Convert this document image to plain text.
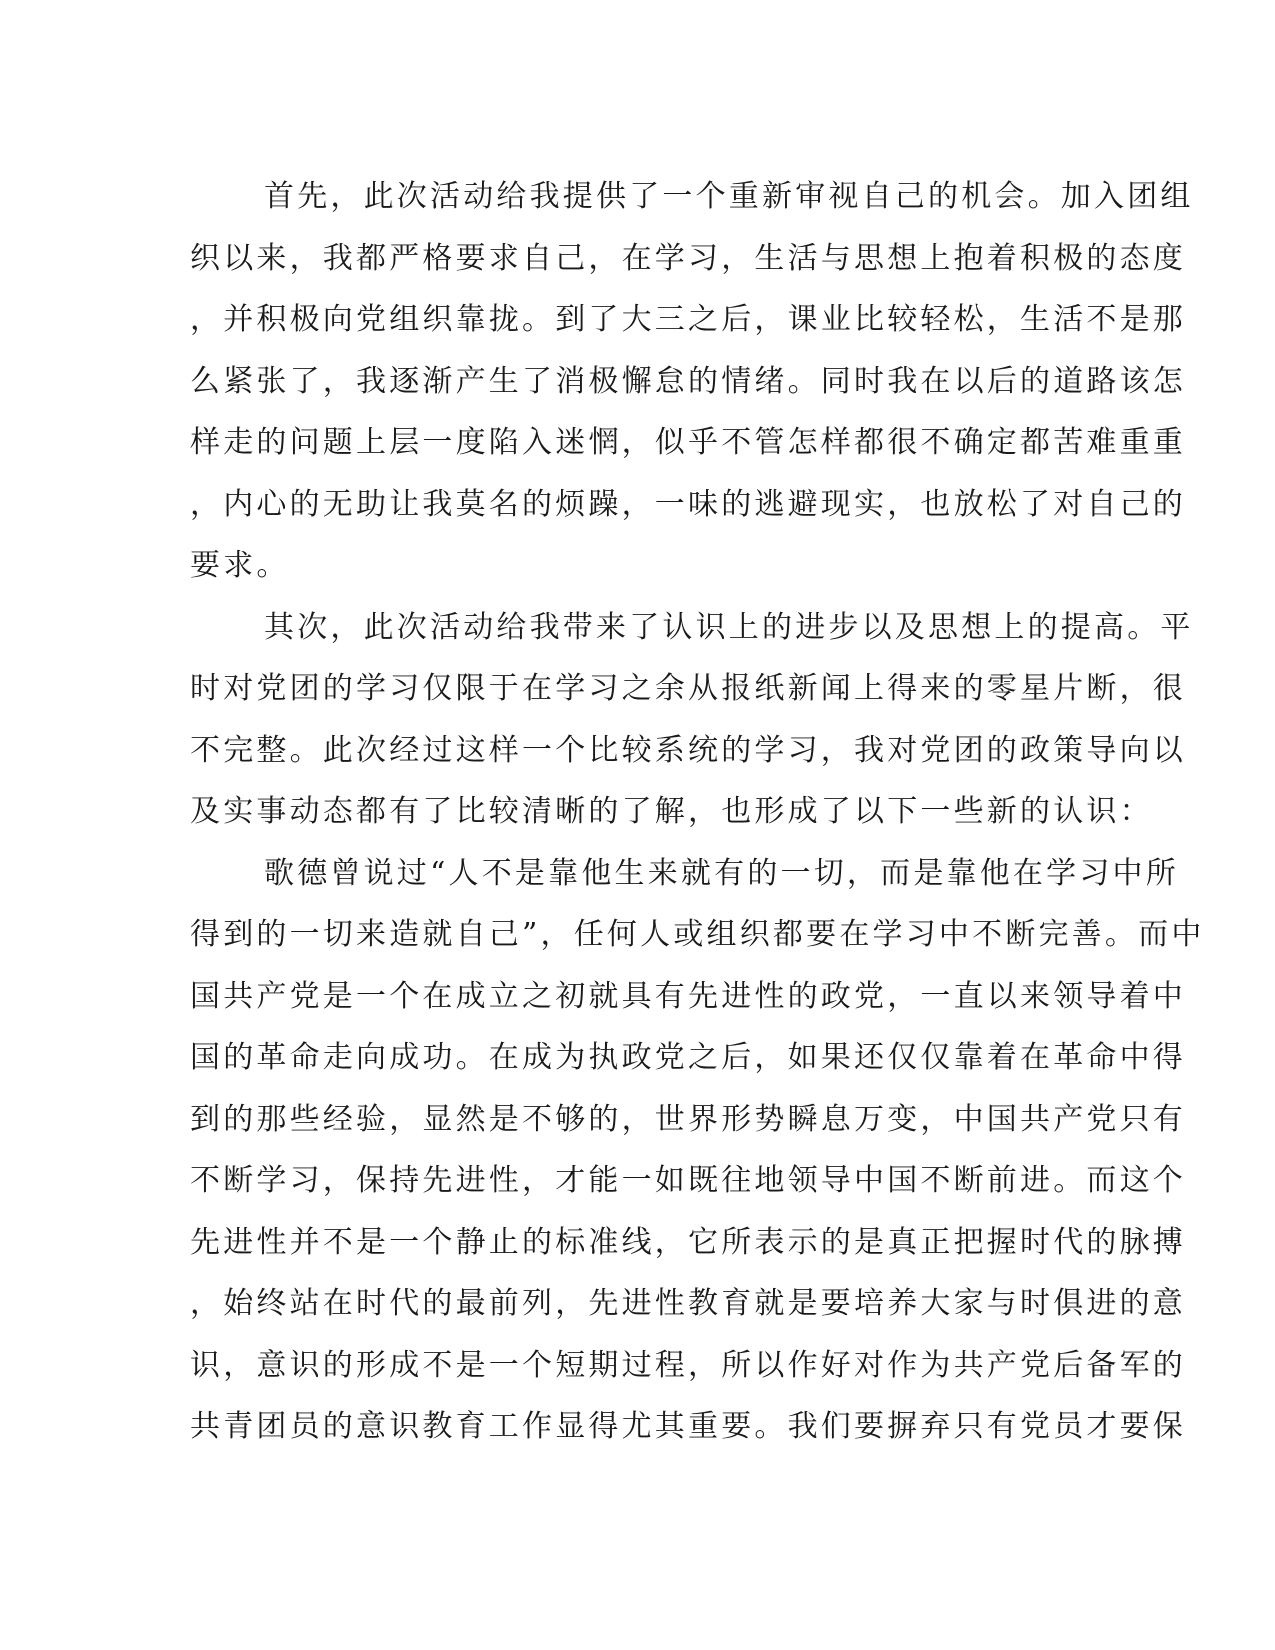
首先，此次活动给我提供了一个重新审视自己的机会。加入团组
织以来，我都严格要求自己，在学习，生活与思想上抱着积极的态度
，并积极向党组织靠拢。到了大三之后，课业比较轻松，生活不是那
么紧张了，我逐渐产生了消极懈怠的情绪。同时我在以后的道路该怎
样走的问题上层一度陷入迷惘，似乎不管怎样都很不确定都苦难重重
，内心的无助让我莫名的烦躁，一味的逃避现实，也放松了对自己的
要求。
其次，此次活动给我带来了认识上的进步以及思想上的提高。平
时对党团的学习仅限于在学习之余从报纸新闻上得来的零星片断，很
不完整。此次经过这样一个比较系统的学习，我对党团的政策导向以
及实事动态都有了比较清晰的了解，也形成了以下一些新的认识：
歌德曾说过“人不是靠他生来就有的一切，而是靠他在学习中所
得到的一切来造就自己”，任何人或组织都要在学习中不断完善。而中
国共产党是一个在成立之初就具有先进性的政党，一直以来领导着中
国的革命走向成功。在成为执政党之后，如果还仅仅靠着在革命中得
到的那些经验，显然是不够的，世界形势瞬息万变，中国共产党只有
不断学习，保持先进性，才能一如既往地领导中国不断前进。而这个
先进性并不是一个静止的标准线，它所表示的是真正把握时代的脉搏
，始终站在时代的最前列，先进性教育就是要培养大家与时俱进的意
识，意识的形成不是一个短期过程，所以作好对作为共产党后备军的
共青团员的意识教育工作显得尤其重要。我们要摒弃只有党员才要保
